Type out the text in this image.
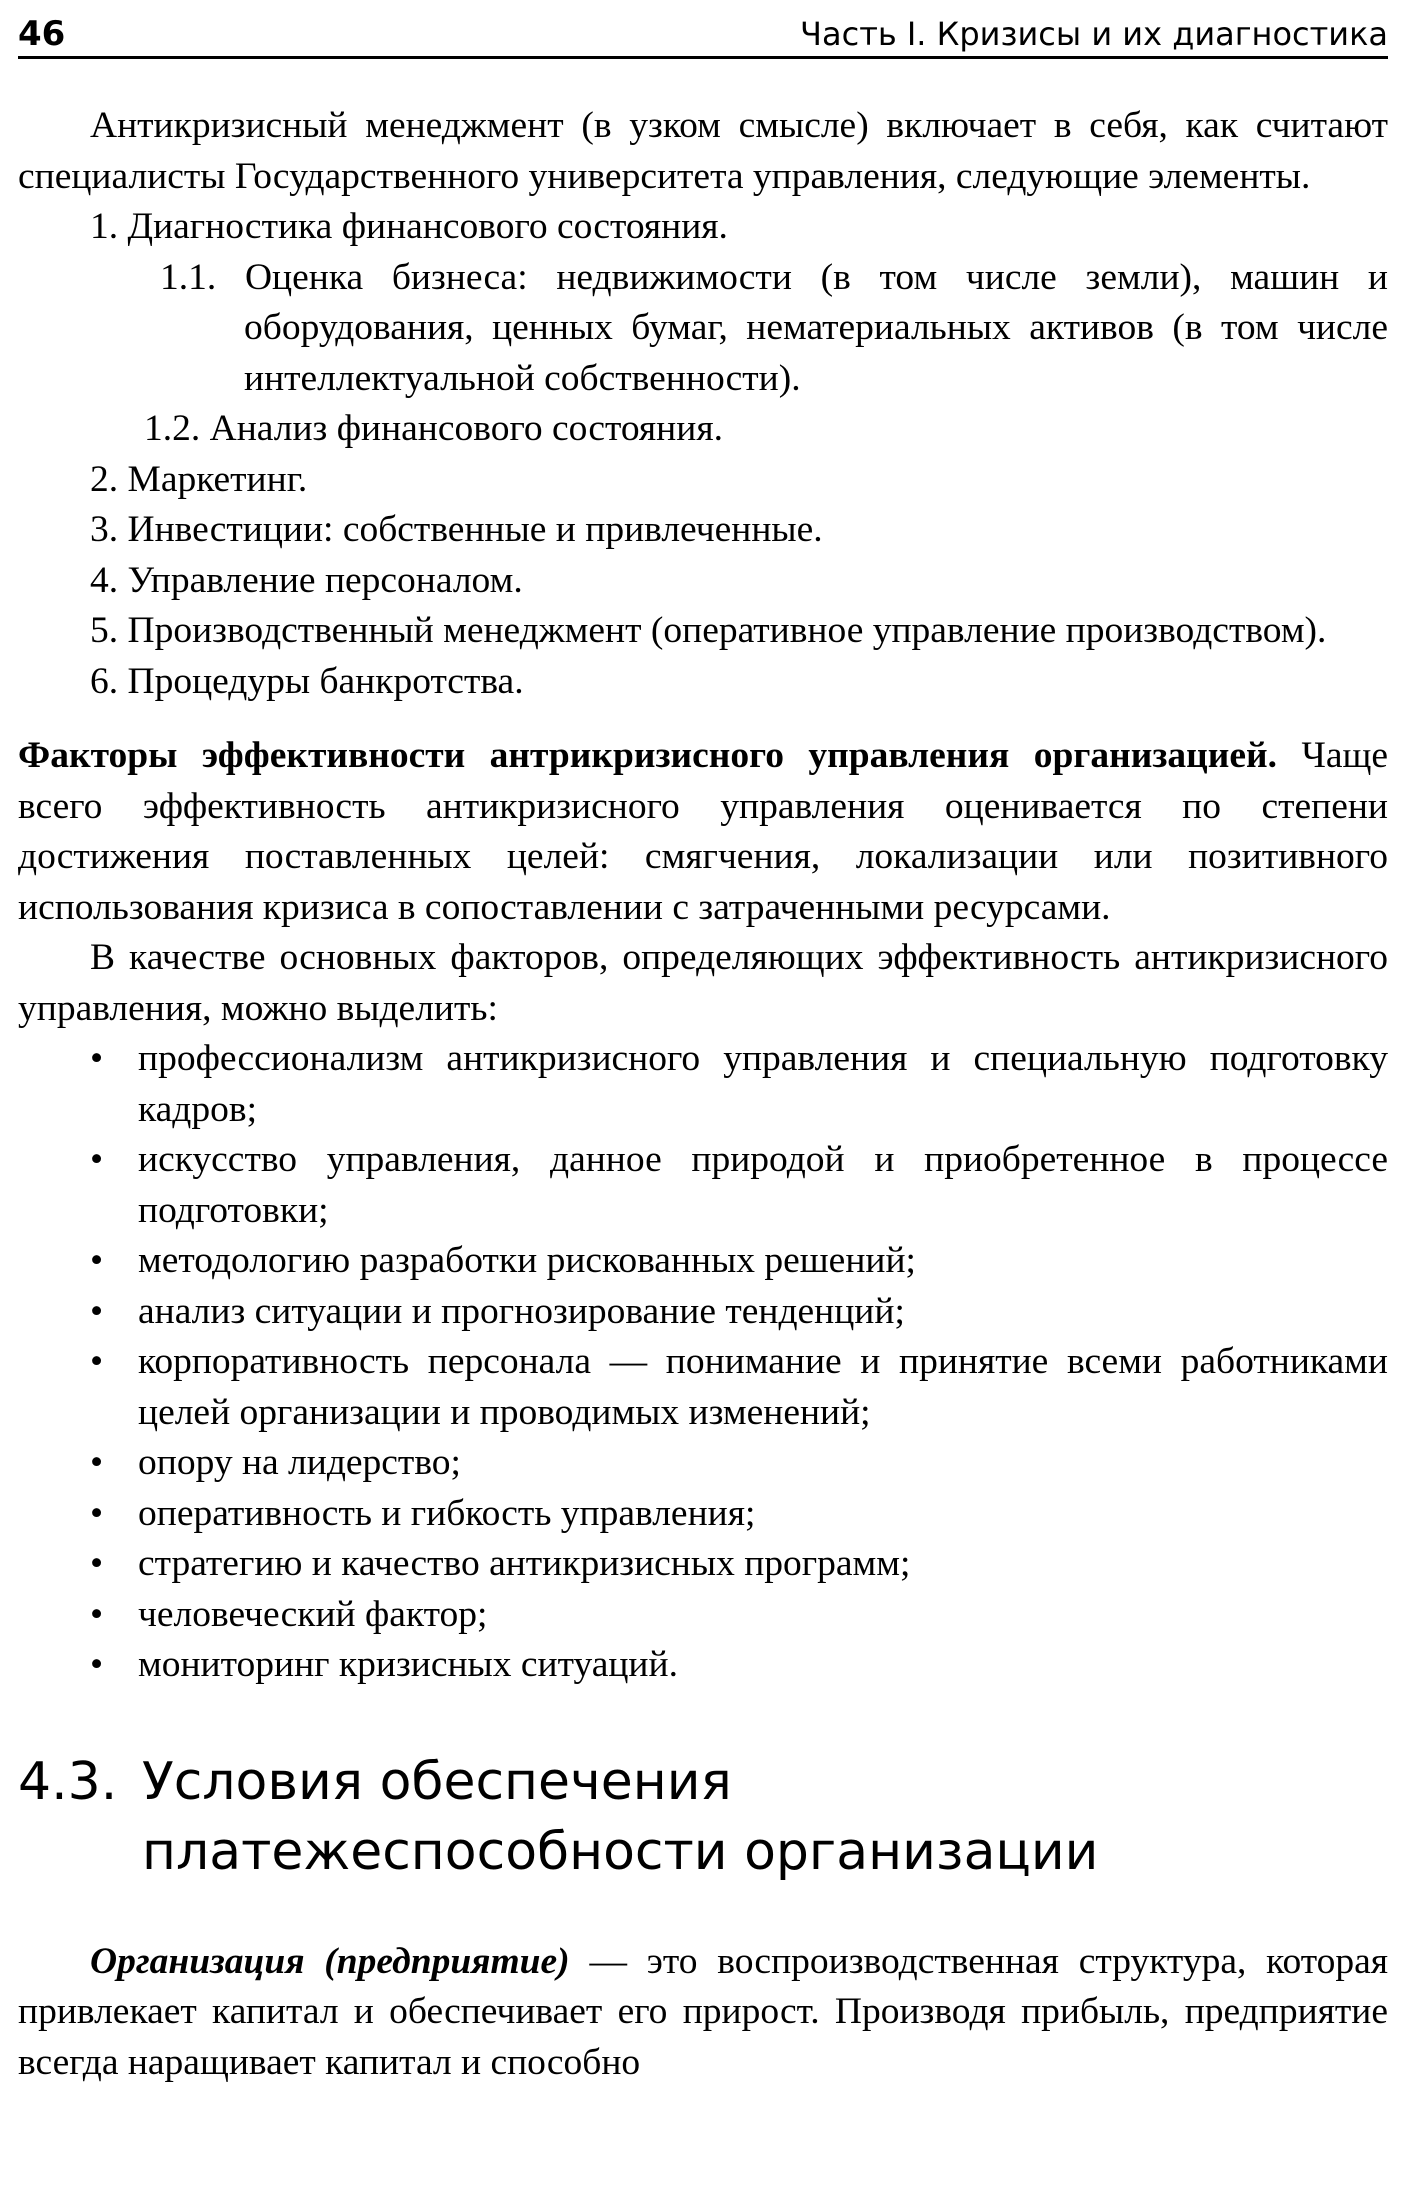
46	Часть I. Кризисы и их диагностика

Антикризисный менеджмент (в узком смысле) включает в себя, как считают специалисты Государственного университета управления, следующие элементы.

1. Диагностика финансового состояния.

1.1. Оценка бизнеса: недвижимости (в том числе земли), машин и оборудования, ценных бумаг, нематериальных активов (в том числе интеллектуальной собственности).

1.2. Анализ финансового состояния.

2. Маркетинг.

3. Инвестиции: собственные и привлеченные.

4. Управление персоналом.

5. Производственный менеджмент (оперативное управление производством).

6. Процедуры банкротства.

Факторы эффективности антрикризисного управления организацией. Чаще всего эффективность антикризисного управления оценивается по степени достижения поставленных целей: смягчения, локализации или позитивного использования кризиса в сопоставлении с затраченными ресурсами.

В качестве основных факторов, определяющих эффективность антикризисного управления, можно выделить:

• профессионализм антикризисного управления и специальную подготовку кадров;
• искусство управления, данное природой и приобретенное в процессе подготовки;
• методологию разработки рискованных решений;
• анализ ситуации и прогнозирование тенденций;
• корпоративность персонала — понимание и принятие всеми работниками целей организации и проводимых изменений;
• опору на лидерство;
• оперативность и гибкость управления;
• стратегию и качество антикризисных программ;
• человеческий фактор;
• мониторинг кризисных ситуаций.
4.3. Условия обеспечения
платежеспособности организации

Организация (предприятие) — это воспроизводственная структура, которая привлекает капитал и обеспечивает его прирост. Производя прибыль, предприятие всегда наращивает капитал и способно
